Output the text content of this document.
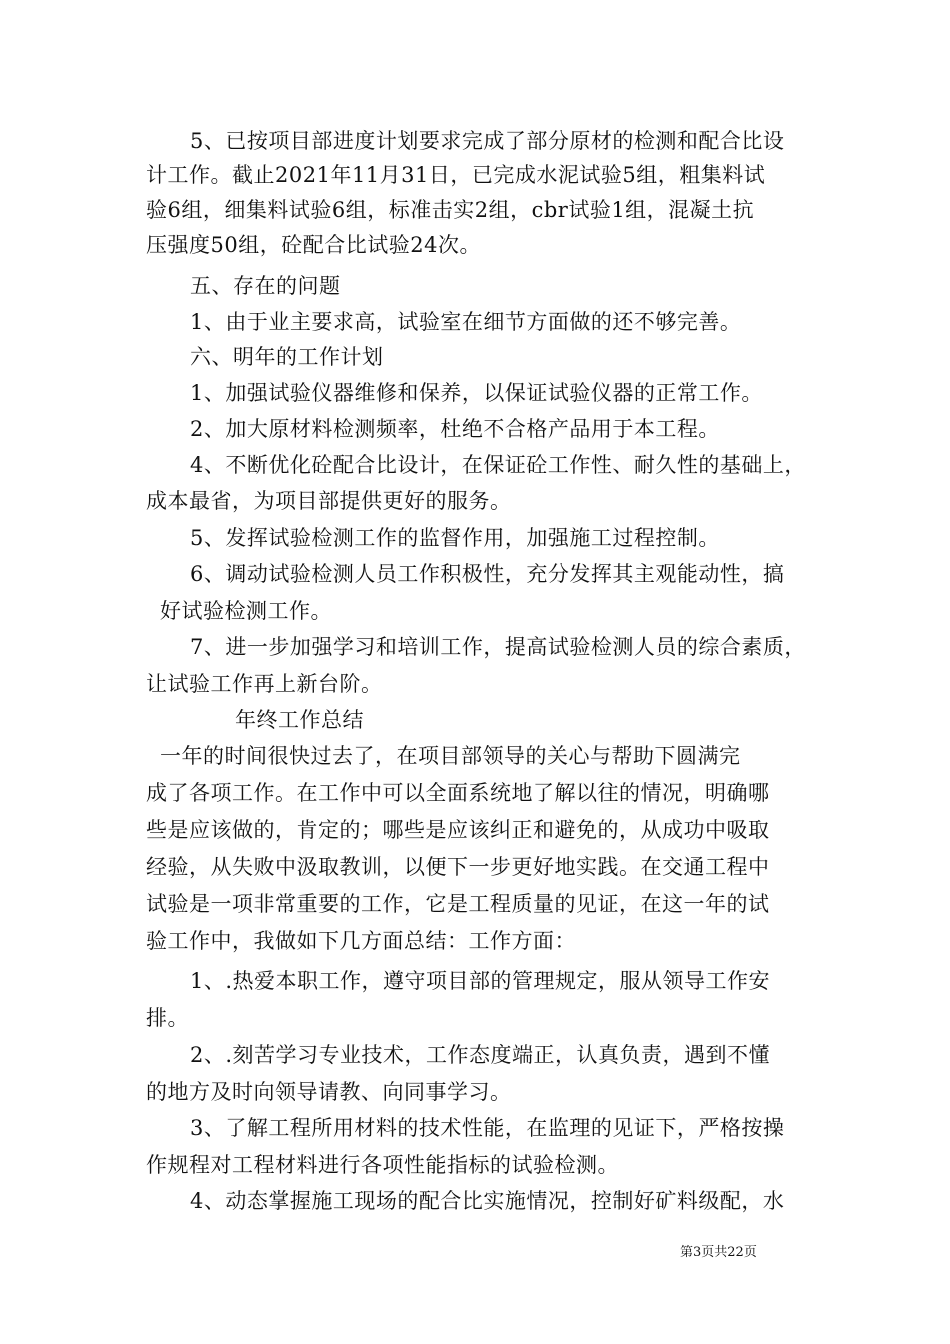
5、已按项目部进度计划要求完成了部分原材的检测和配合比设
计工作。截止2021年11月31日，已完成水泥试验5组，粗集料试
验6组，细集料试验6组，标准击实2组，cbr试验1组，混凝土抗
压强度50组，砼配合比试验24次。
五、存在的问题
1、由于业主要求高，试验室在细节方面做的还不够完善。
六、明年的工作计划
1、加强试验仪器维修和保养，以保证试验仪器的正常工作。
2、加大原材料检测频率，杜绝不合格产品用于本工程。
4、不断优化砼配合比设计，在保证砼工作性、耐久性的基础上，
成本最省，为项目部提供更好的服务。
5、发挥试验检测工作的监督作用，加强施工过程控制。
6、调动试验检测人员工作积极性，充分发挥其主观能动性，搞
好试验检测工作。
7、进一步加强学习和培训工作，提高试验检测人员的综合素质，
让试验工作再上新台阶。
年终工作总结
一年的时间很快过去了，在项目部领导的关心与帮助下圆满完
成了各项工作。在工作中可以全面系统地了解以往的情况，明确哪
些是应该做的，肯定的；哪些是应该纠正和避免的，从成功中吸取
经验，从失败中汲取教训，以便下一步更好地实践。在交通工程中
试验是一项非常重要的工作，它是工程质量的见证，在这一年的试
验工作中，我做如下几方面总结：工作方面：
1、.热爱本职工作，遵守项目部的管理规定，服从领导工作安
排。
2、.刻苦学习专业技术，工作态度端正，认真负责，遇到不懂
的地方及时向领导请教、向同事学习。
3、了解工程所用材料的技术性能，在监理的见证下，严格按操
作规程对工程材料进行各项性能指标的试验检测。
4、动态掌握施工现场的配合比实施情况，控制好矿料级配，水
第3页共22页
